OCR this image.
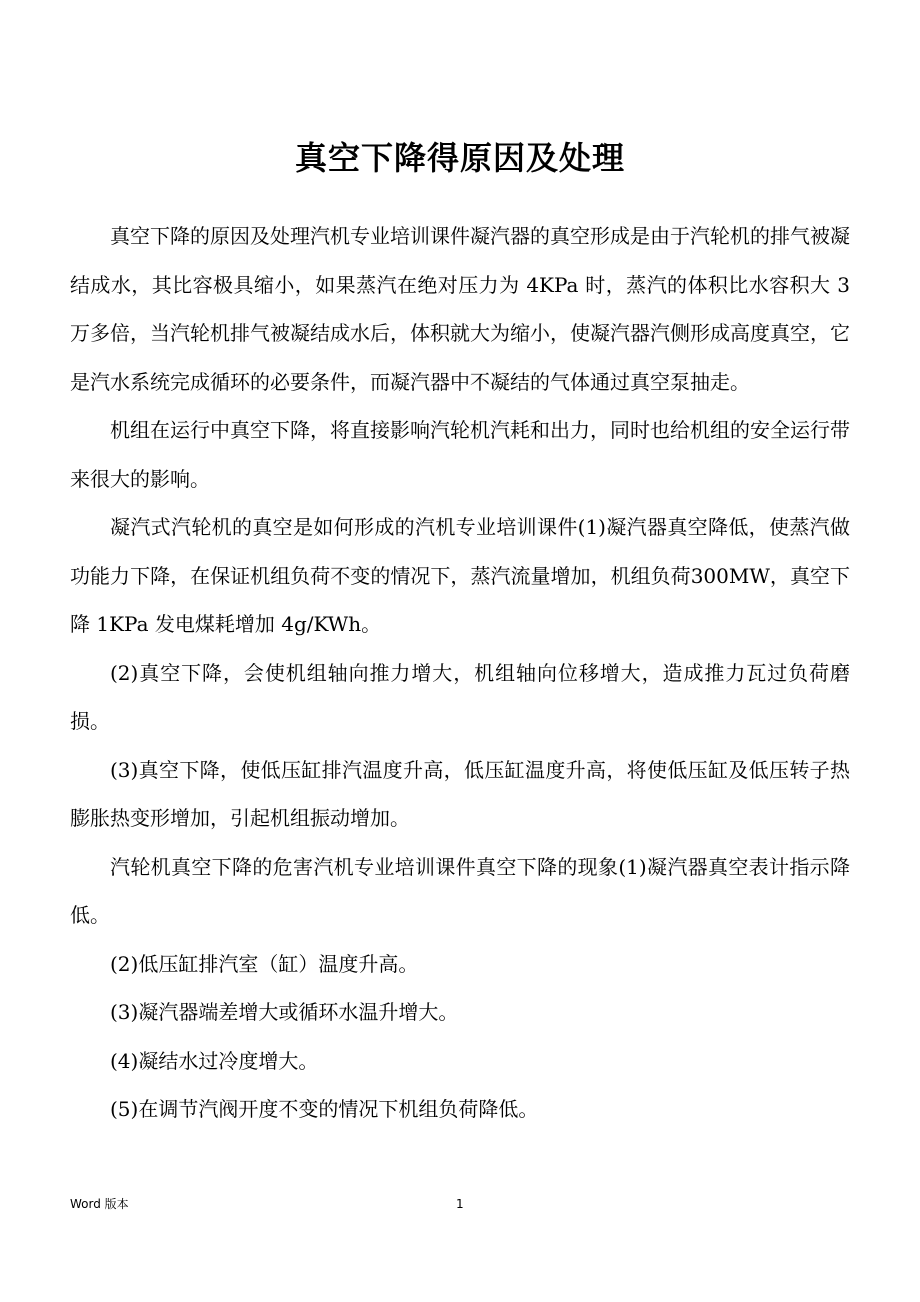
真空下降得原因及处理

真空下降的原因及处理汽机专业培训课件凝汽器的真空形成是由于汽轮机的排气被凝结成水，其比容极具缩小，如果蒸汽在绝对压力为 4KPa 时，蒸汽的体积比水容积大 3 万多倍，当汽轮机排气被凝结成水后，体积就大为缩小，使凝汽器汽侧形成高度真空，它是汽水系统完成循环的必要条件，而凝汽器中不凝结的气体通过真空泵抽走。

机组在运行中真空下降，将直接影响汽轮机汽耗和出力，同时也给机组的安全运行带来很大的影响。

凝汽式汽轮机的真空是如何形成的汽机专业培训课件(1)凝汽器真空降低，使蒸汽做功能力下降，在保证机组负荷不变的情况下，蒸汽流量增加，机组负荷300MW，真空下降 1KPa 发电煤耗增加 4g/KWh。

(2)真空下降，会使机组轴向推力增大，机组轴向位移增大，造成推力瓦过负荷磨损。

(3)真空下降，使低压缸排汽温度升高，低压缸温度升高，将使低压缸及低压转子热膨胀热变形增加，引起机组振动增加。

汽轮机真空下降的危害汽机专业培训课件真空下降的现象(1)凝汽器真空表计指示降低。

(2)低压缸排汽室（缸）温度升高。

(3)凝汽器端差增大或循环水温升增大。

(4)凝结水过冷度增大。

(5)在调节汽阀开度不变的情况下机组负荷降低。

Word 版本	1
